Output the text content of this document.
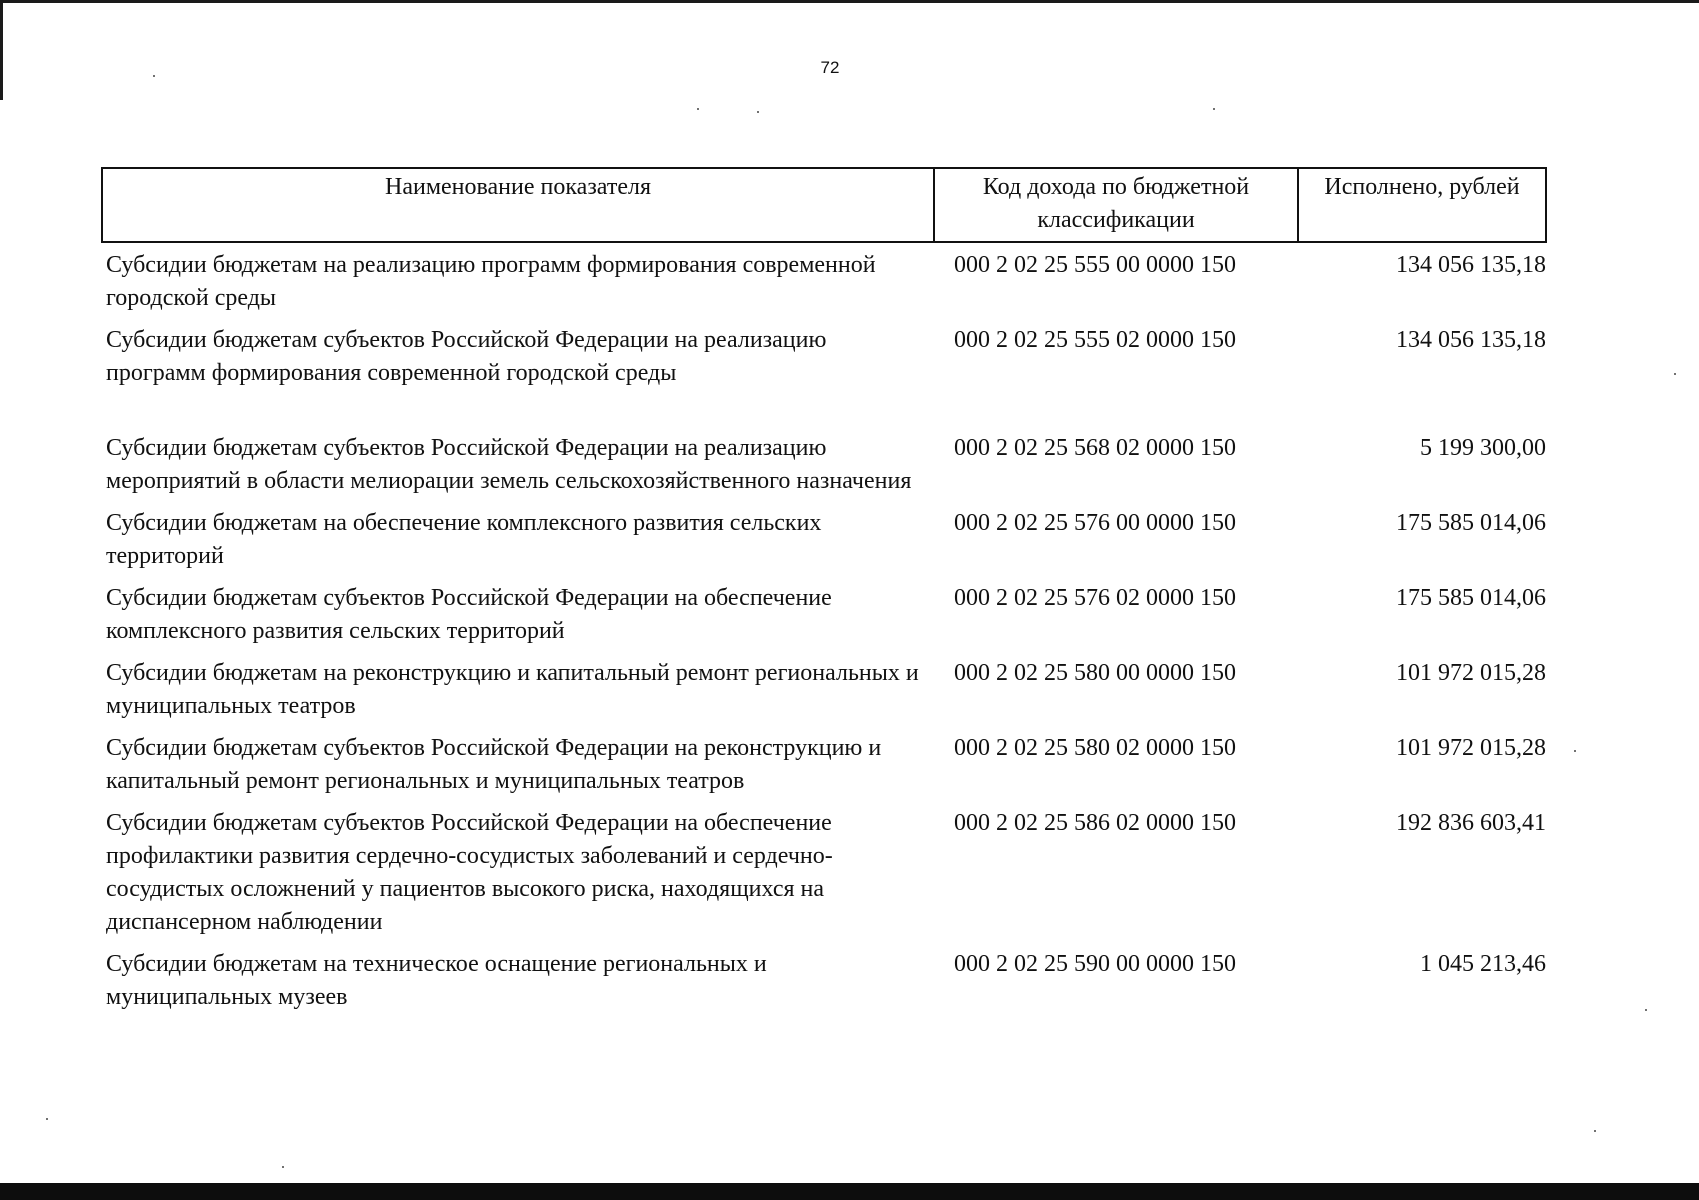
72
Наименование показателя	Код дохода по бюджетной классификации	Исполнено, рублей
Субсидии бюджетам на реализацию программ формирования современной городской среды	000 2 02 25 555 00 0000 150	134 056 135,18
Субсидии бюджетам субъектов Российской Федерации на реализацию программ формирования современной городской среды	000 2 02 25 555 02 0000 150	134 056 135,18
Субсидии бюджетам субъектов Российской Федерации на реализацию мероприятий в области мелиорации земель сельскохозяйственного назначения	000 2 02 25 568 02 0000 150	5 199 300,00
Субсидии бюджетам на обеспечение комплексного развития сельских территорий	000 2 02 25 576 00 0000 150	175 585 014,06
Субсидии бюджетам субъектов Российской Федерации на обеспечение комплексного развития сельских территорий	000 2 02 25 576 02 0000 150	175 585 014,06
Субсидии бюджетам на реконструкцию и капитальный ремонт региональных и муниципальных театров	000 2 02 25 580 00 0000 150	101 972 015,28
Субсидии бюджетам субъектов Российской Федерации на реконструкцию и капитальный ремонт региональных и муниципальных театров	000 2 02 25 580 02 0000 150	101 972 015,28
Субсидии бюджетам субъектов Российской Федерации на обеспечение профилактики развития сердечно-сосудистых заболеваний и сердечно-сосудистых осложнений у пациентов высокого риска, находящихся на диспансерном наблюдении	000 2 02 25 586 02 0000 150	192 836 603,41
Субсидии бюджетам на техническое оснащение региональных и муниципальных музеев	000 2 02 25 590 00 0000 150	1 045 213,46
